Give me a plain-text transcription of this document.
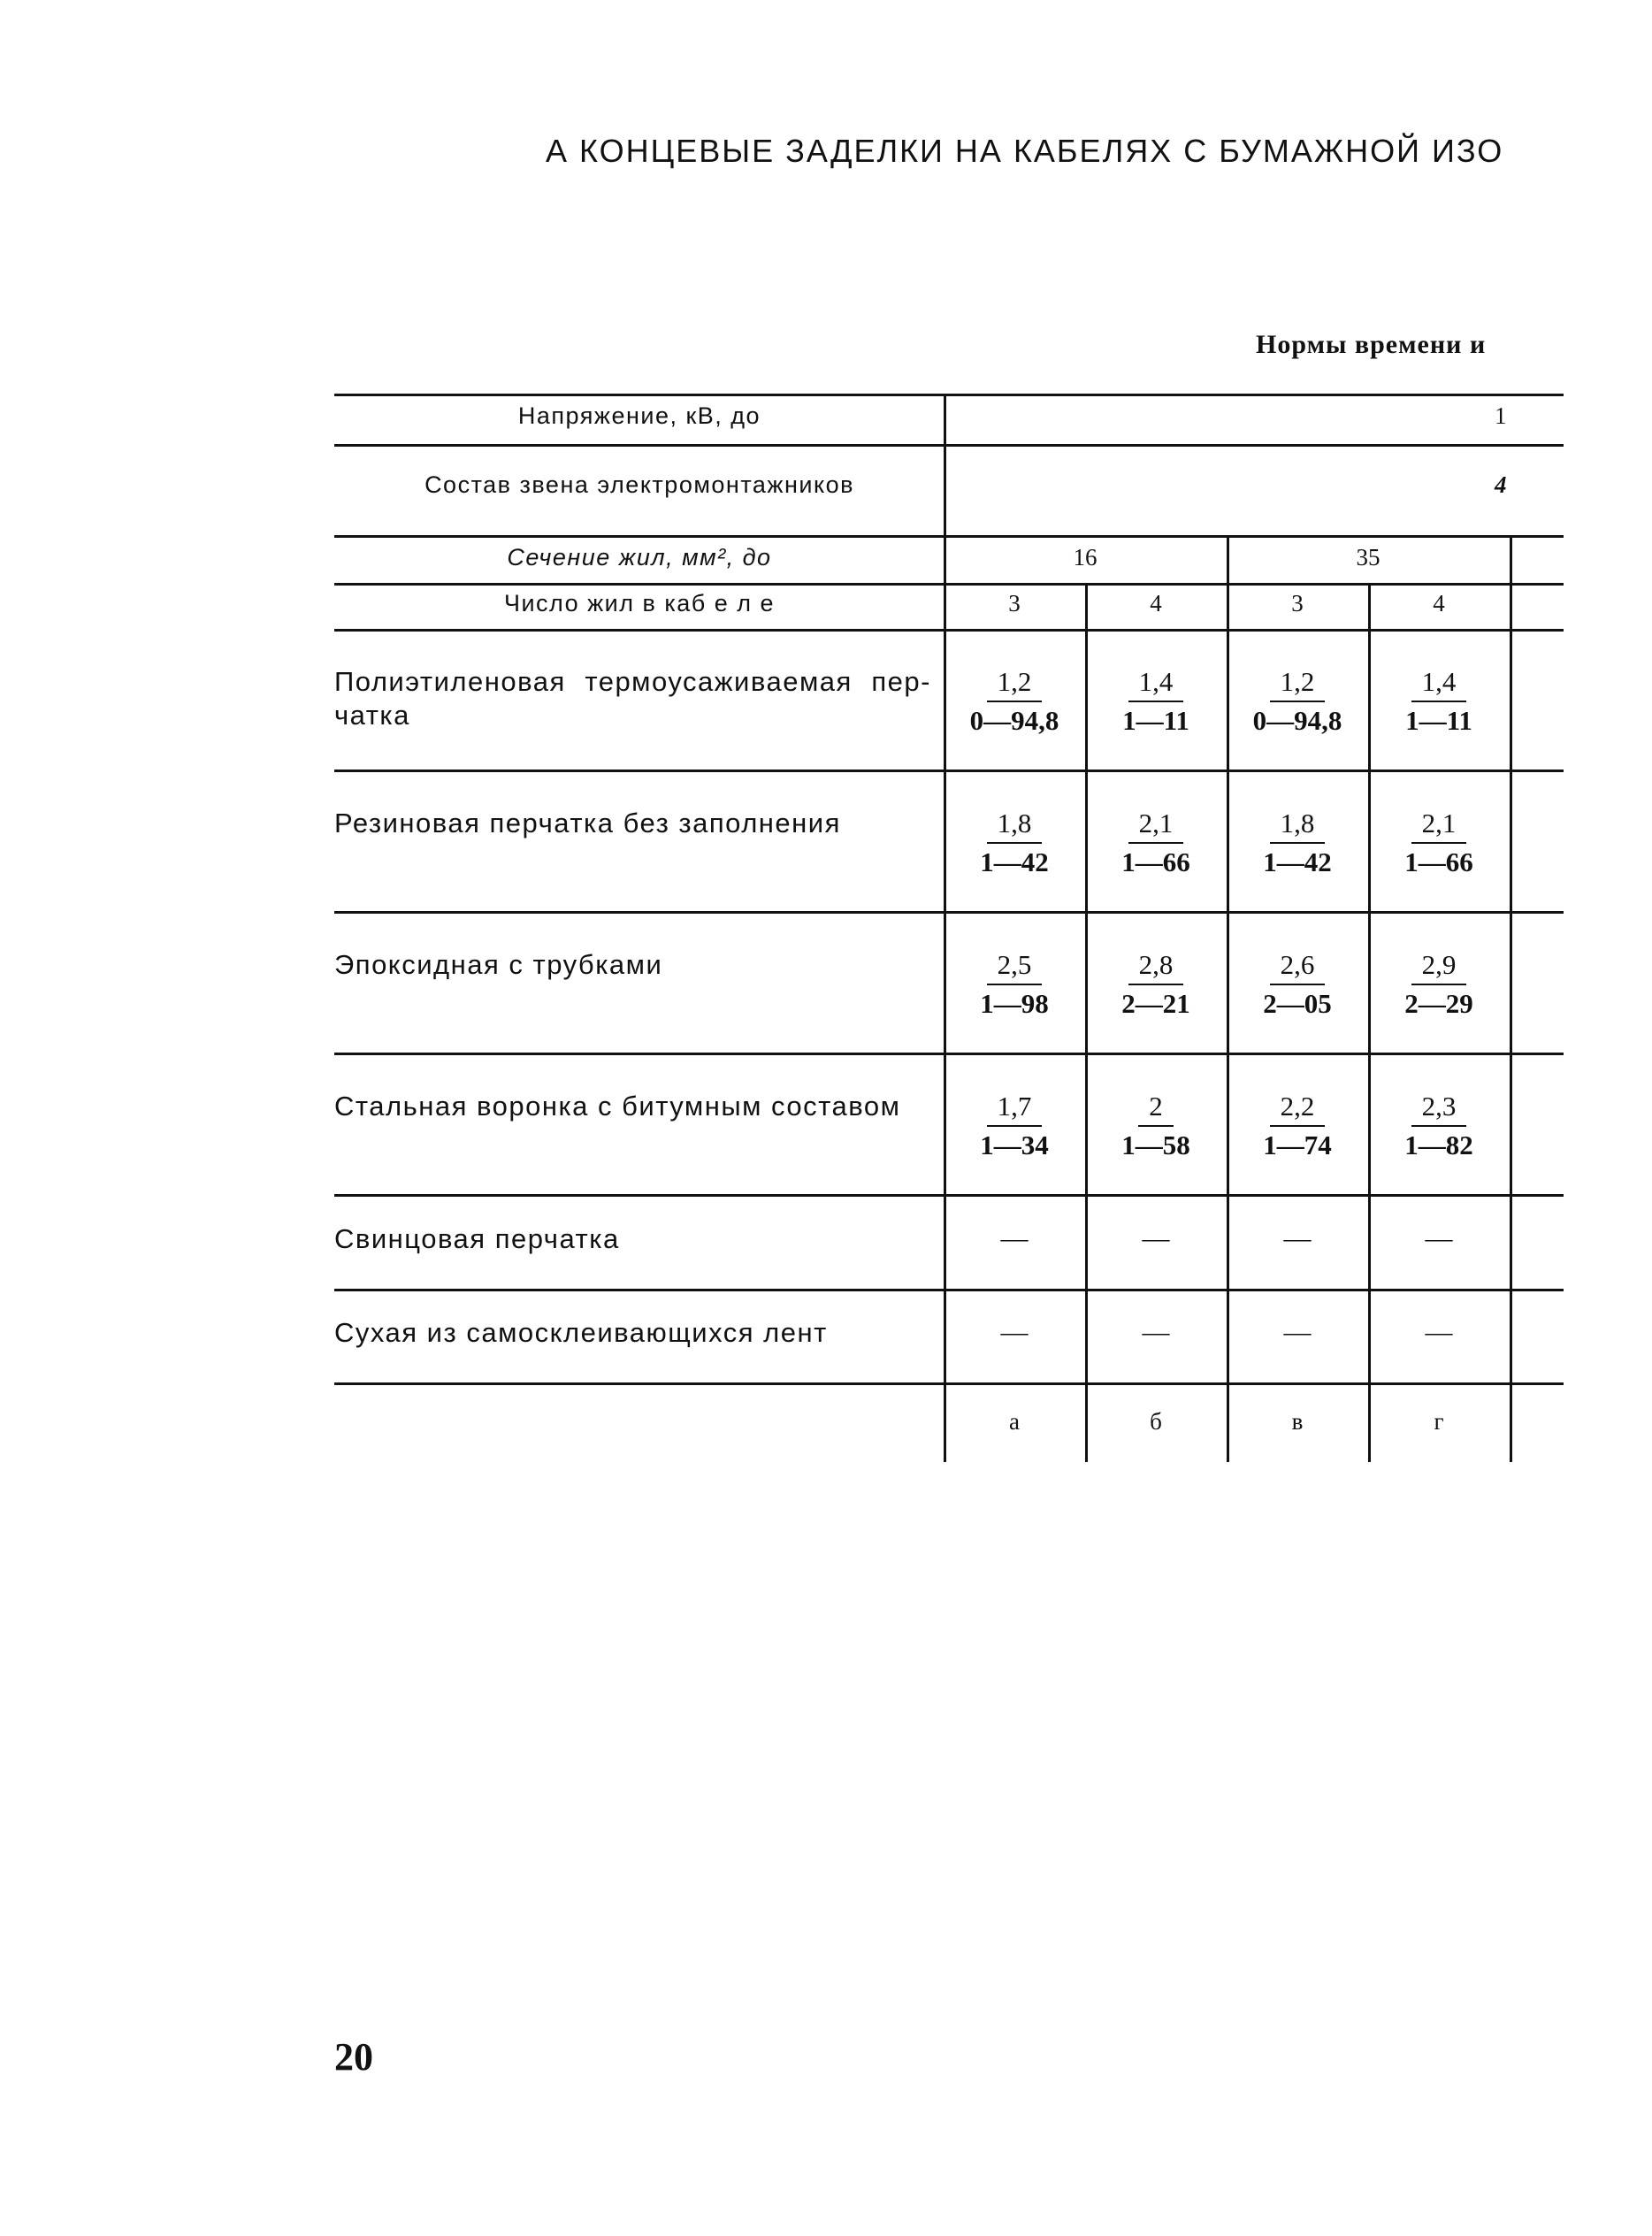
А КОНЦЕВЫЕ ЗАДЕЛКИ НА КАБЕЛЯХ С БУМАЖНОЙ ИЗО
Нормы времени и
Напряжение, кВ, до	1
Состав звена электромонтажников	4
Сечение жил, мм², до	16	35
Число жил в каб е л е	3	4	3	4
Полиэтиленовая термоусаживаемая пер-чатка	$\frac{1,2}{0—94,8} \frac{1,4}{1—11} \frac{1,2}{0—94,8} \frac{1,4}{1—11}$
Резиновая перчатка без заполнения	$\frac{1,8}{1—42} \frac{2,1}{1—66} \frac{1,8}{1—42} \frac{2,1}{1—66}$
Эпоксидная с трубками	$\frac{2,5}{1—98} \frac{2,8}{2—21} \frac{2,6}{2—05} \frac{2,9}{2—29}$
Стальная воронка с битумным составом	$\frac{1,7}{1—34} \frac{2}{1—58} \frac{2,2}{1—74} \frac{2,3}{1—82}$
Свинцовая перчатка	—	—	—	—
Сухая из самосклеивающихся лент	—	—	—	—
а	б	в	г
20
